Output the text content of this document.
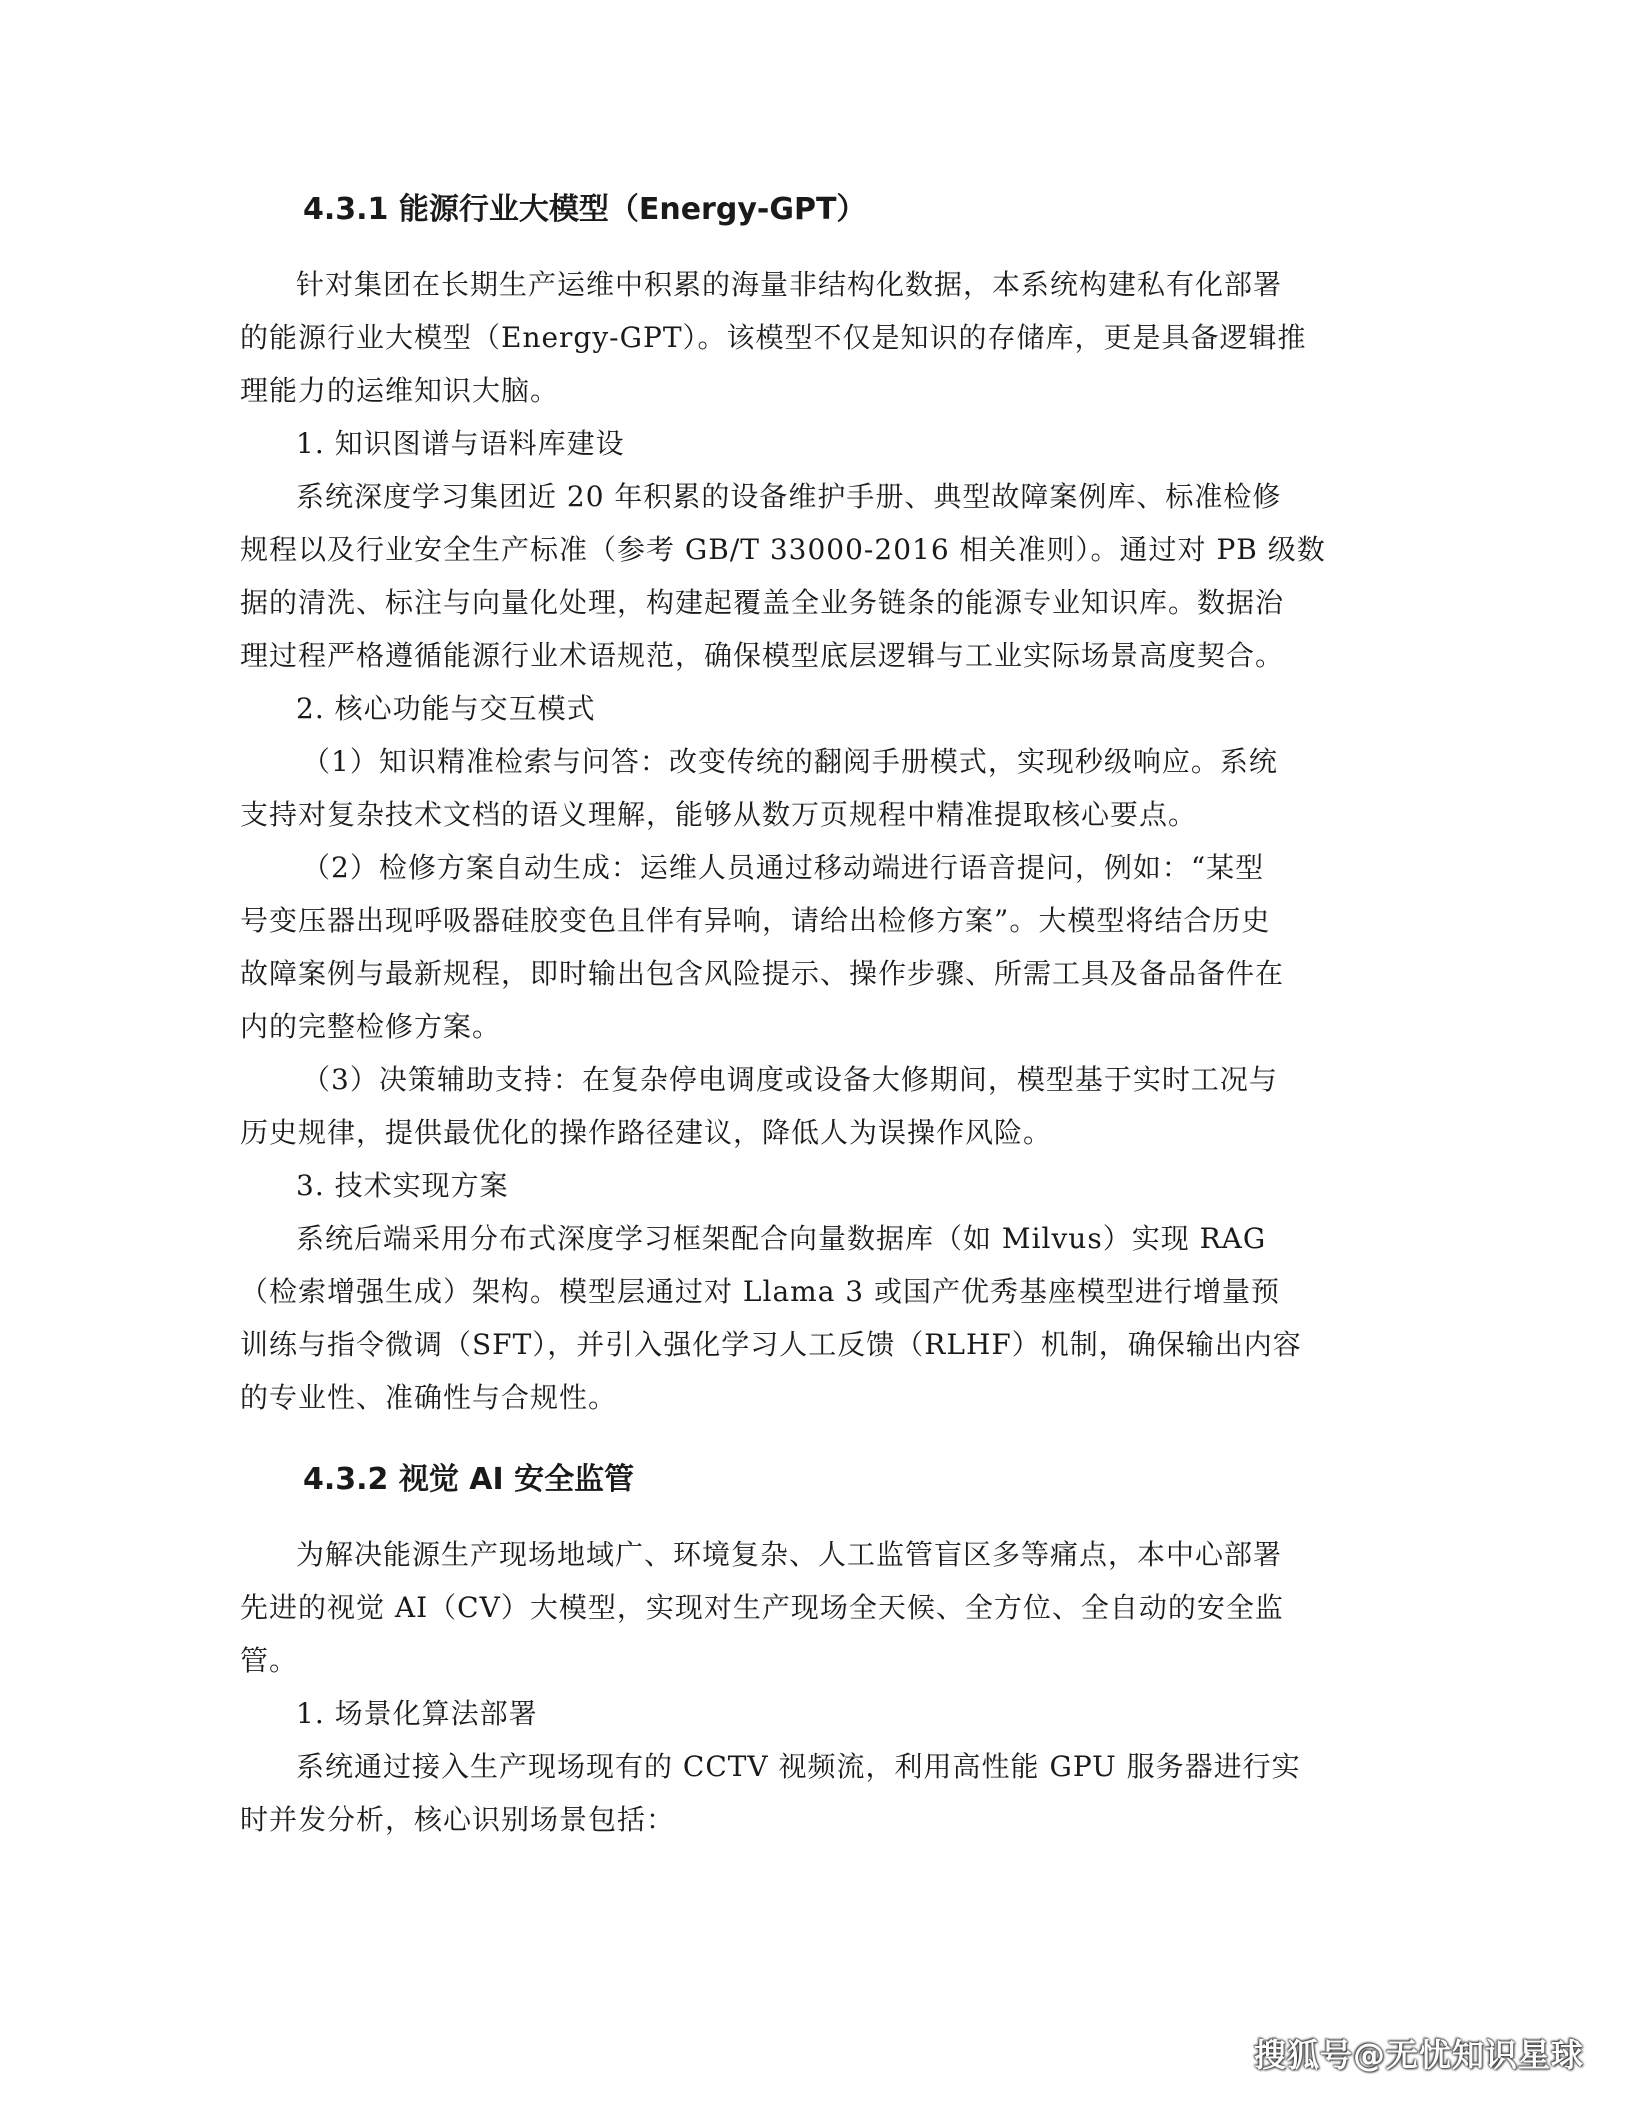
4.3.1 能源行业大模型（Energy-GPT）
针对集团在长期生产运维中积累的海量非结构化数据，本系统构建私有化部署
的能源行业大模型（Energy-GPT）。该模型不仅是知识的存储库，更是具备逻辑推
理能力的运维知识大脑。
1. 知识图谱与语料库建设
系统深度学习集团近 20 年积累的设备维护手册、典型故障案例库、标准检修
规程以及行业安全生产标准（参考 GB/T 33000-2016 相关准则）。通过对 PB 级数
据的清洗、标注与向量化处理，构建起覆盖全业务链条的能源专业知识库。数据治
理过程严格遵循能源行业术语规范，确保模型底层逻辑与工业实际场景高度契合。
2. 核心功能与交互模式
（1）知识精准检索与问答：改变传统的翻阅手册模式，实现秒级响应。系统
支持对复杂技术文档的语义理解，能够从数万页规程中精准提取核心要点。
（2）检修方案自动生成：运维人员通过移动端进行语音提问，例如：“某型
号变压器出现呼吸器硅胶变色且伴有异响，请给出检修方案”。大模型将结合历史
故障案例与最新规程，即时输出包含风险提示、操作步骤、所需工具及备品备件在
内的完整检修方案。
（3）决策辅助支持：在复杂停电调度或设备大修期间，模型基于实时工况与
历史规律，提供最优化的操作路径建议，降低人为误操作风险。
3. 技术实现方案
系统后端采用分布式深度学习框架配合向量数据库（如 Milvus）实现 RAG
（检索增强生成）架构。模型层通过对 Llama 3 或国产优秀基座模型进行增量预
训练与指令微调（SFT），并引入强化学习人工反馈（RLHF）机制，确保输出内容
的专业性、准确性与合规性。
4.3.2 视觉 AI 安全监管
为解决能源生产现场地域广、环境复杂、人工监管盲区多等痛点，本中心部署
先进的视觉 AI（CV）大模型，实现对生产现场全天候、全方位、全自动的安全监
管。
1. 场景化算法部署
系统通过接入生产现场现有的 CCTV 视频流，利用高性能 GPU 服务器进行实
时并发分析，核心识别场景包括：
搜狐号@无忧知识星球
